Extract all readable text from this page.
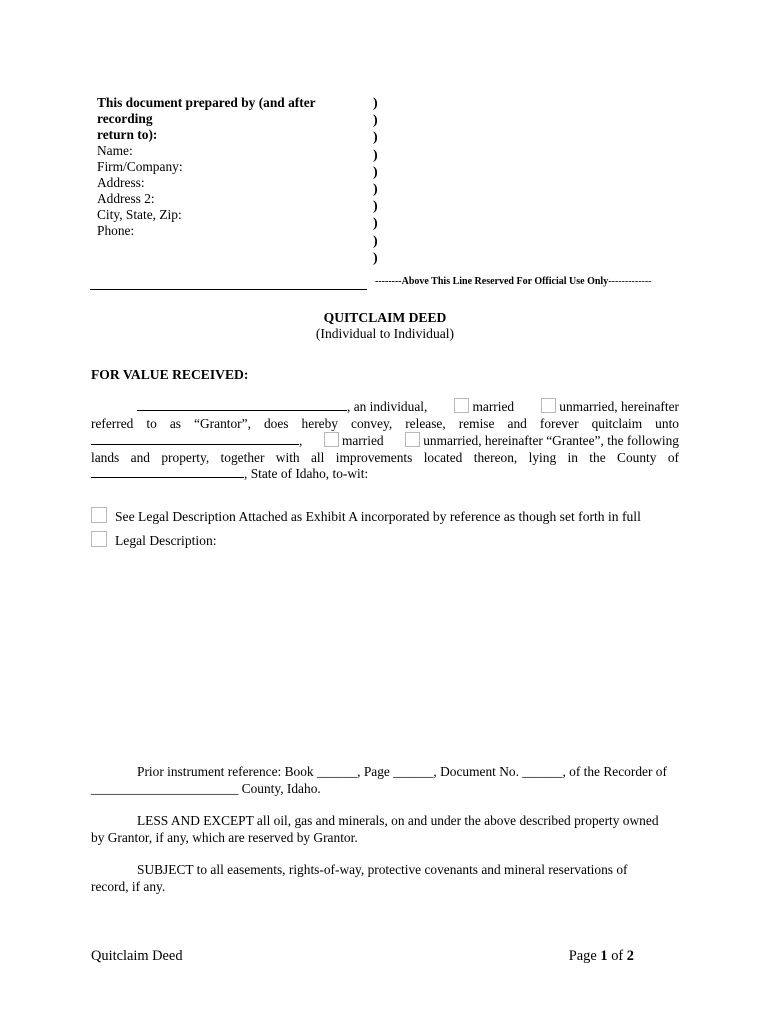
This document prepared by (and after recording
return to):
Name:
Firm/Company:
Address:
Address 2:
City, State, Zip:
Phone:
)
)
)
)
)
)
)
)
)
)
--------Above This Line Reserved For Official Use Only-------------
QUITCLAIM DEED
(Individual to Individual)
FOR VALUE RECEIVED:
, an individual,	married	unmarried, hereinafter
referred to as “Grantor”, does hereby convey, release, remise and forever quitclaim unto
,	married	unmarried, hereinafter “Grantee”, the following
lands and property, together with all improvements located thereon, lying in the County of
, State of Idaho, to-wit:
See Legal Description Attached as Exhibit A incorporated by reference as though set forth in full
Legal Description:
Prior instrument reference: Book ______, Page ______, Document No. ______, of the Recorder of
______________________ County, Idaho.
LESS AND EXCEPT all oil, gas and minerals, on and under the above described property owned
by Grantor, if any, which are reserved by Grantor.
SUBJECT to all easements, rights-of-way, protective covenants and mineral reservations of
record, if any.
Quitclaim Deed	Page 1 of 2
